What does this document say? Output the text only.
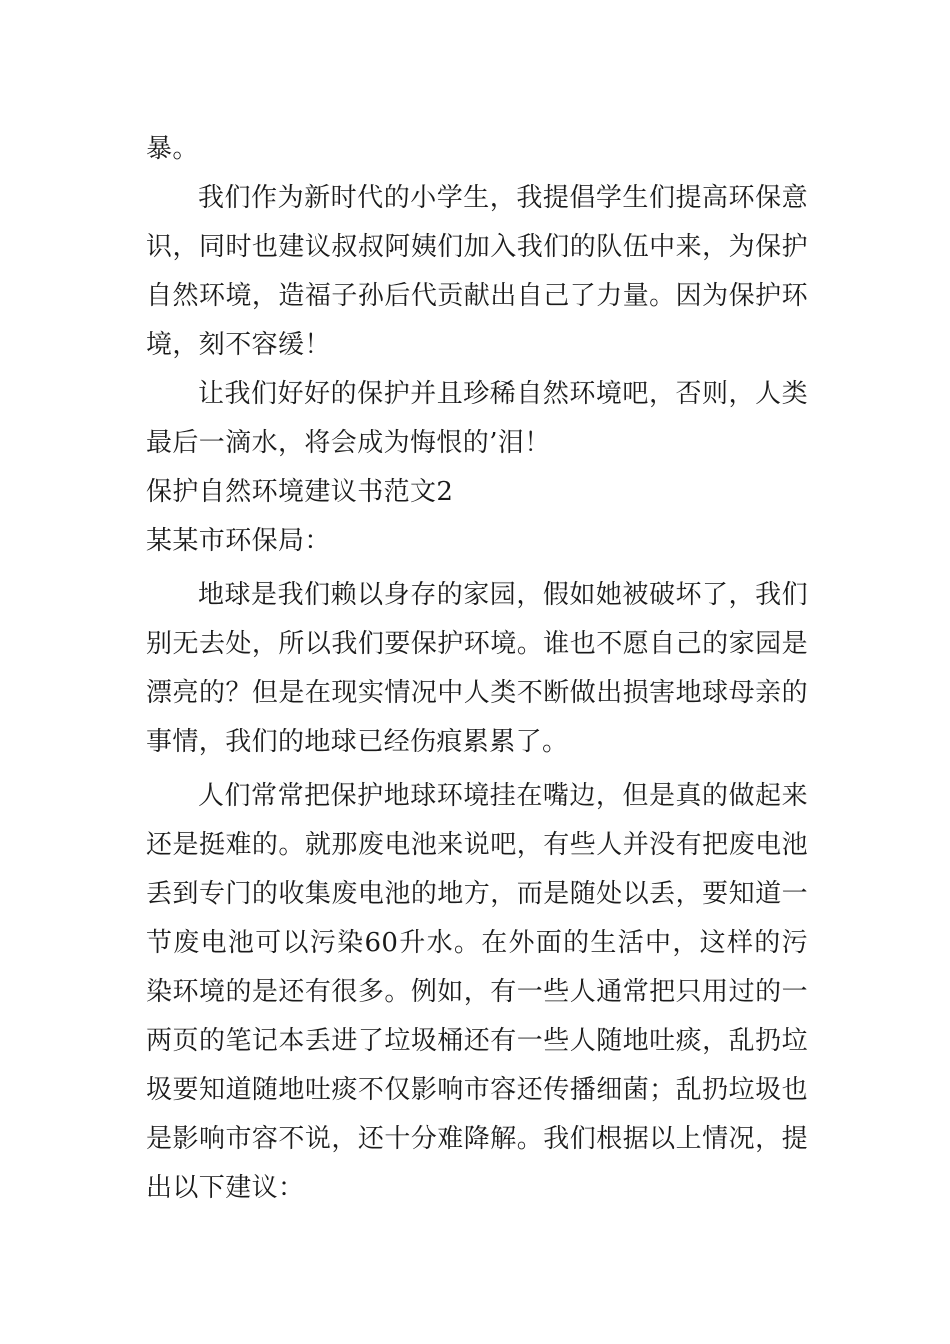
暴。

我们作为新时代的小学生，我提倡学生们提高环保意识，同时也建议叔叔阿姨们加入我们的队伍中来，为保护自然环境，造福子孙后代贡献出自己了力量。因为保护环境，刻不容缓！

让我们好好的保护并且珍稀自然环境吧，否则，人类最后一滴水，将会成为悔恨的’泪！

保护自然环境建议书范文2

某某市环保局：

地球是我们赖以身存的家园，假如她被破坏了，我们别无去处，所以我们要保护环境。谁也不愿自己的家园是漂亮的？但是在现实情况中人类不断做出损害地球母亲的事情，我们的地球已经伤痕累累了。

人们常常把保护地球环境挂在嘴边，但是真的做起来还是挺难的。就那废电池来说吧，有些人并没有把废电池丢到专门的收集废电池的地方，而是随处以丢，要知道一节废电池可以污染60升水。在外面的生活中，这样的污染环境的是还有很多。例如，有一些人通常把只用过的一两页的笔记本丢进了垃圾桶还有一些人随地吐痰，乱扔垃圾要知道随地吐痰不仅影响市容还传播细菌；乱扔垃圾也是影响市容不说，还十分难降解。我们根据以上情况，提出以下建议：
